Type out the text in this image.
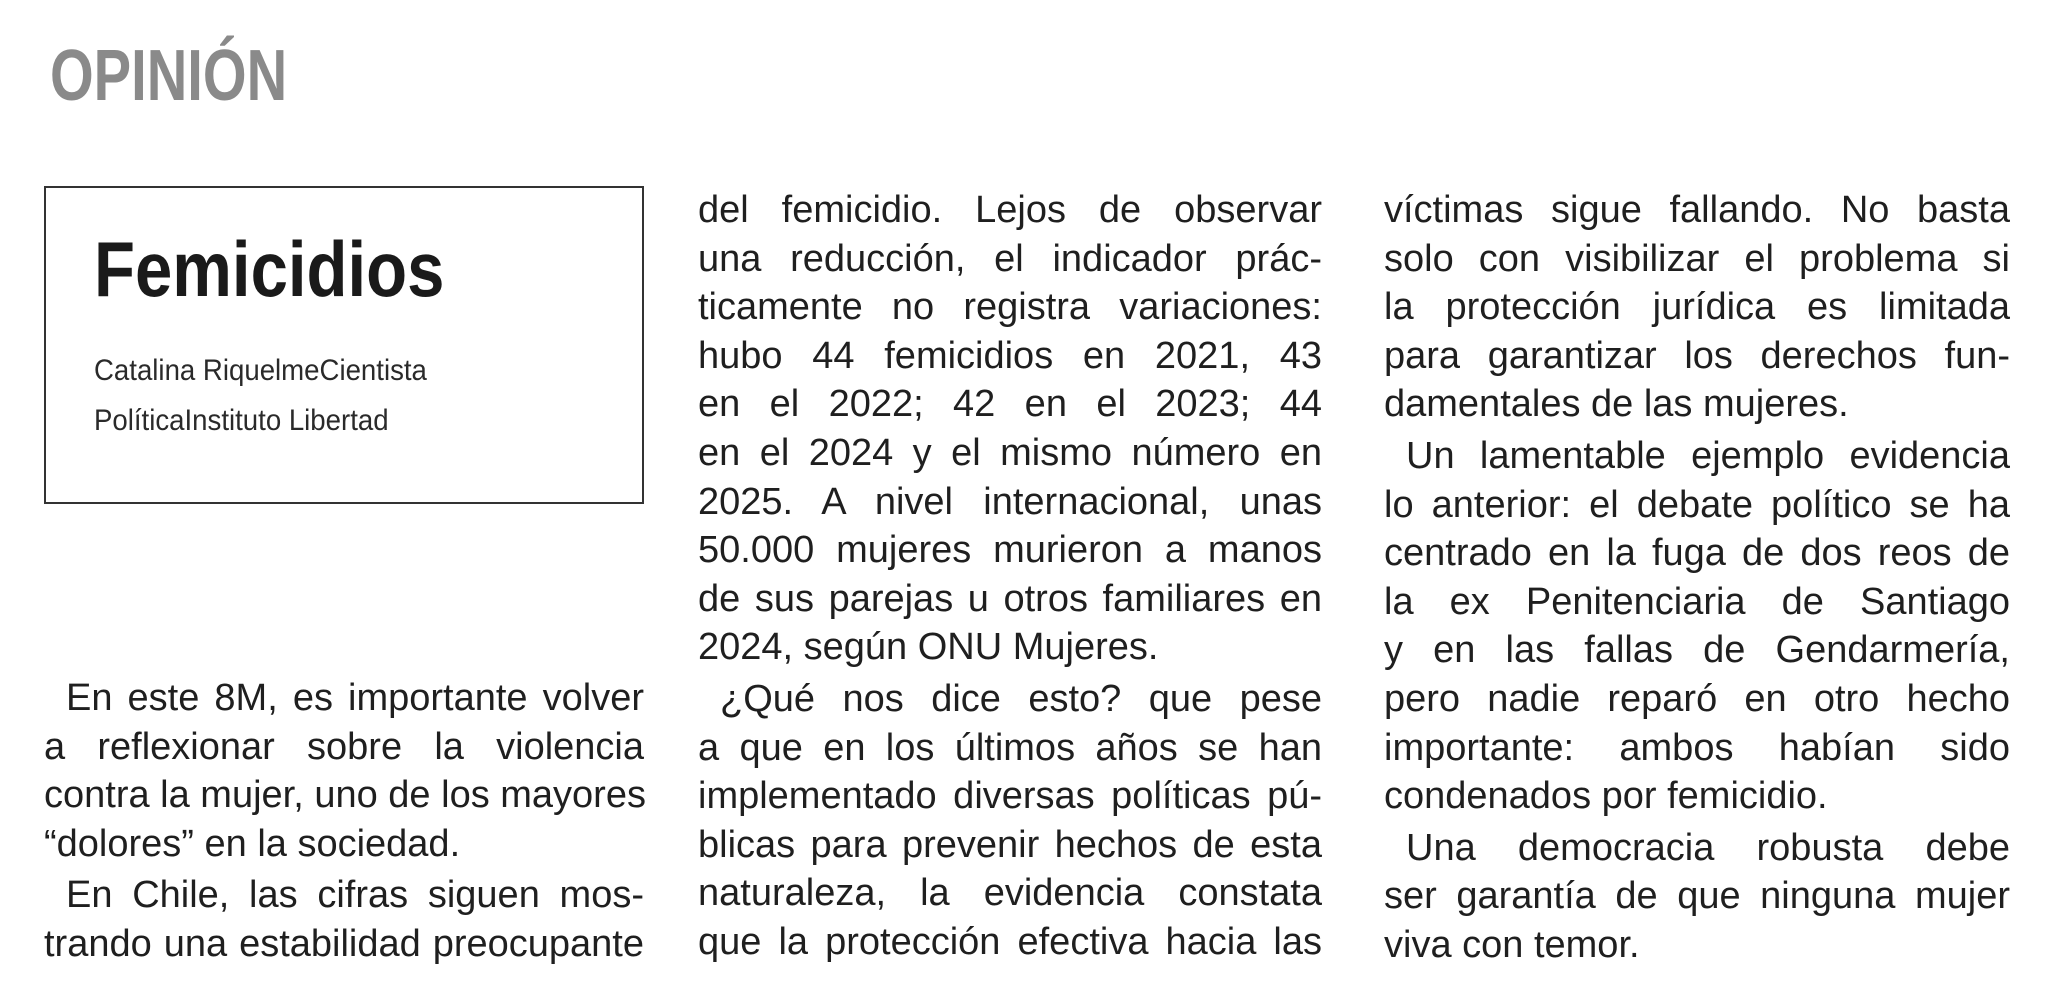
OPINIÓN
Femicidios
Catalina RiquelmeCientista
PolíticaInstituto Libertad
En este 8M, es importante volver
a reflexionar sobre la violencia
contra la mujer, uno de los mayores
“dolores” en la sociedad.
En Chile, las cifras siguen mos-
trando una estabilidad preocupante
del femicidio. Lejos de observar
una reducción, el indicador prác-
ticamente no registra variaciones:
hubo 44 femicidios en 2021, 43
en el 2022; 42 en el 2023; 44
en el 2024 y el mismo número en
2025. A nivel internacional, unas
50.000 mujeres murieron a manos
de sus parejas u otros familiares en
2024, según ONU Mujeres.
¿Qué nos dice esto? que pese
a que en los últimos años se han
implementado diversas políticas pú-
blicas para prevenir hechos de esta
naturaleza, la evidencia constata
que la protección efectiva hacia las
víctimas sigue fallando. No basta
solo con visibilizar el problema si
la protección jurídica es limitada
para garantizar los derechos fun-
damentales de las mujeres.
Un lamentable ejemplo evidencia
lo anterior: el debate político se ha
centrado en la fuga de dos reos de
la ex Penitenciaria de Santiago
y en las fallas de Gendarmería,
pero nadie reparó en otro hecho
importante: ambos habían sido
condenados por femicidio.
Una democracia robusta debe
ser garantía de que ninguna mujer
viva con temor.
